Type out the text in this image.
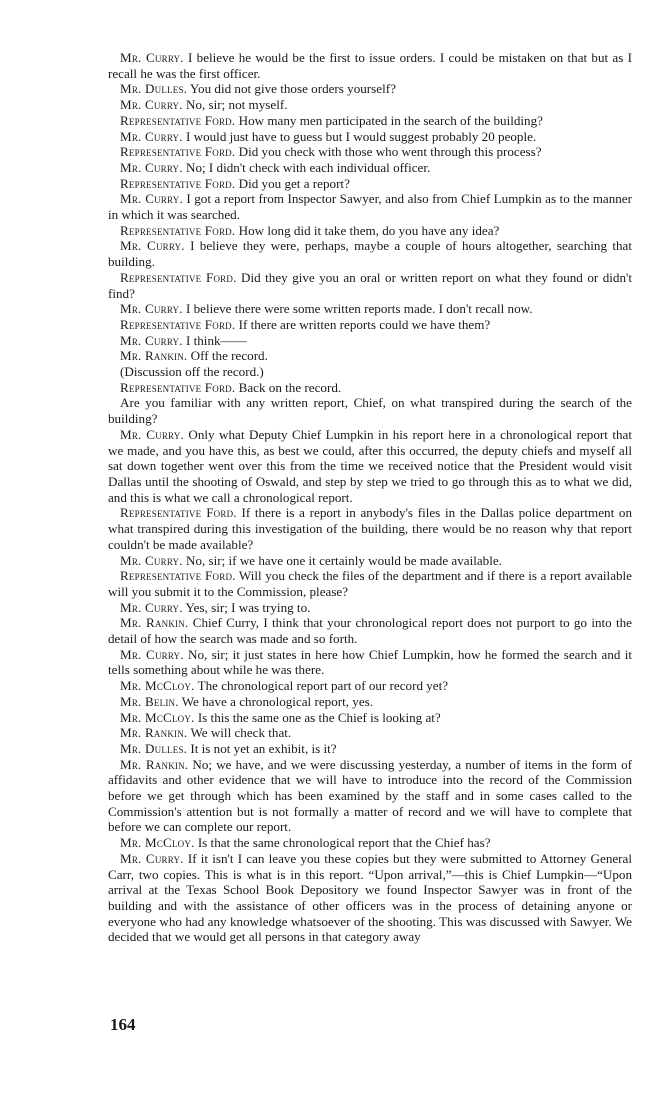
Mr. Curry. I believe he would be the first to issue orders. I could be mistaken on that but as I recall he was the first officer.

Mr. Dulles. You did not give those orders yourself?

Mr. Curry. No, sir; not myself.

Representative Ford. How many men participated in the search of the building?

Mr. Curry. I would just have to guess but I would suggest probably 20 people.

Representative Ford. Did you check with those who went through this process?

Mr. Curry. No; I didn't check with each individual officer.

Representative Ford. Did you get a report?

Mr. Curry. I got a report from Inspector Sawyer, and also from Chief Lumpkin as to the manner in which it was searched.

Representative Ford. How long did it take them, do you have any idea?

Mr. Curry. I believe they were, perhaps, maybe a couple of hours altogether, searching that building.

Representative Ford. Did they give you an oral or written report on what they found or didn't find?

Mr. Curry. I believe there were some written reports made. I don't recall now.

Representative Ford. If there are written reports could we have them?

Mr. Curry. I think——

Mr. Rankin. Off the record.

(Discussion off the record.)

Representative Ford. Back on the record.

Are you familiar with any written report, Chief, on what transpired during the search of the building?

Mr. Curry. Only what Deputy Chief Lumpkin in his report here in a chronological report that we made, and you have this, as best we could, after this occurred, the deputy chiefs and myself all sat down together went over this from the time we received notice that the President would visit Dallas until the shooting of Oswald, and step by step we tried to go through this as to what we did, and this is what we call a chronological report.

Representative Ford. If there is a report in anybody's files in the Dallas police department on what transpired during this investigation of the building, there would be no reason why that report couldn't be made available?

Mr. Curry. No, sir; if we have one it certainly would be made available.

Representative Ford. Will you check the files of the department and if there is a report available will you submit it to the Commission, please?

Mr. Curry. Yes, sir; I was trying to.

Mr. Rankin. Chief Curry, I think that your chronological report does not purport to go into the detail of how the search was made and so forth.

Mr. Curry. No, sir; it just states in here how Chief Lumpkin, how he formed the search and it tells something about while he was there.

Mr. McCloy. The chronological report part of our record yet?

Mr. Belin. We have a chronological report, yes.

Mr. McCloy. Is this the same one as the Chief is looking at?

Mr. Rankin. We will check that.

Mr. Dulles. It is not yet an exhibit, is it?

Mr. Rankin. No; we have, and we were discussing yesterday, a number of items in the form of affidavits and other evidence that we will have to introduce into the record of the Commission before we get through which has been examined by the staff and in some cases called to the Commission's attention but is not formally a matter of record and we will have to complete that before we can complete our report.

Mr. McCloy. Is that the same chronological report that the Chief has?

Mr. Curry. If it isn't I can leave you these copies but they were submitted to Attorney General Carr, two copies. This is what is in this report. “Upon arrival,”—this is Chief Lumpkin—“Upon arrival at the Texas School Book Depository we found Inspector Sawyer was in front of the building and with the assistance of other officers was in the process of detaining anyone or everyone who had any knowledge whatsoever of the shooting. This was discussed with Sawyer. We decided that we would get all persons in that category away

164
